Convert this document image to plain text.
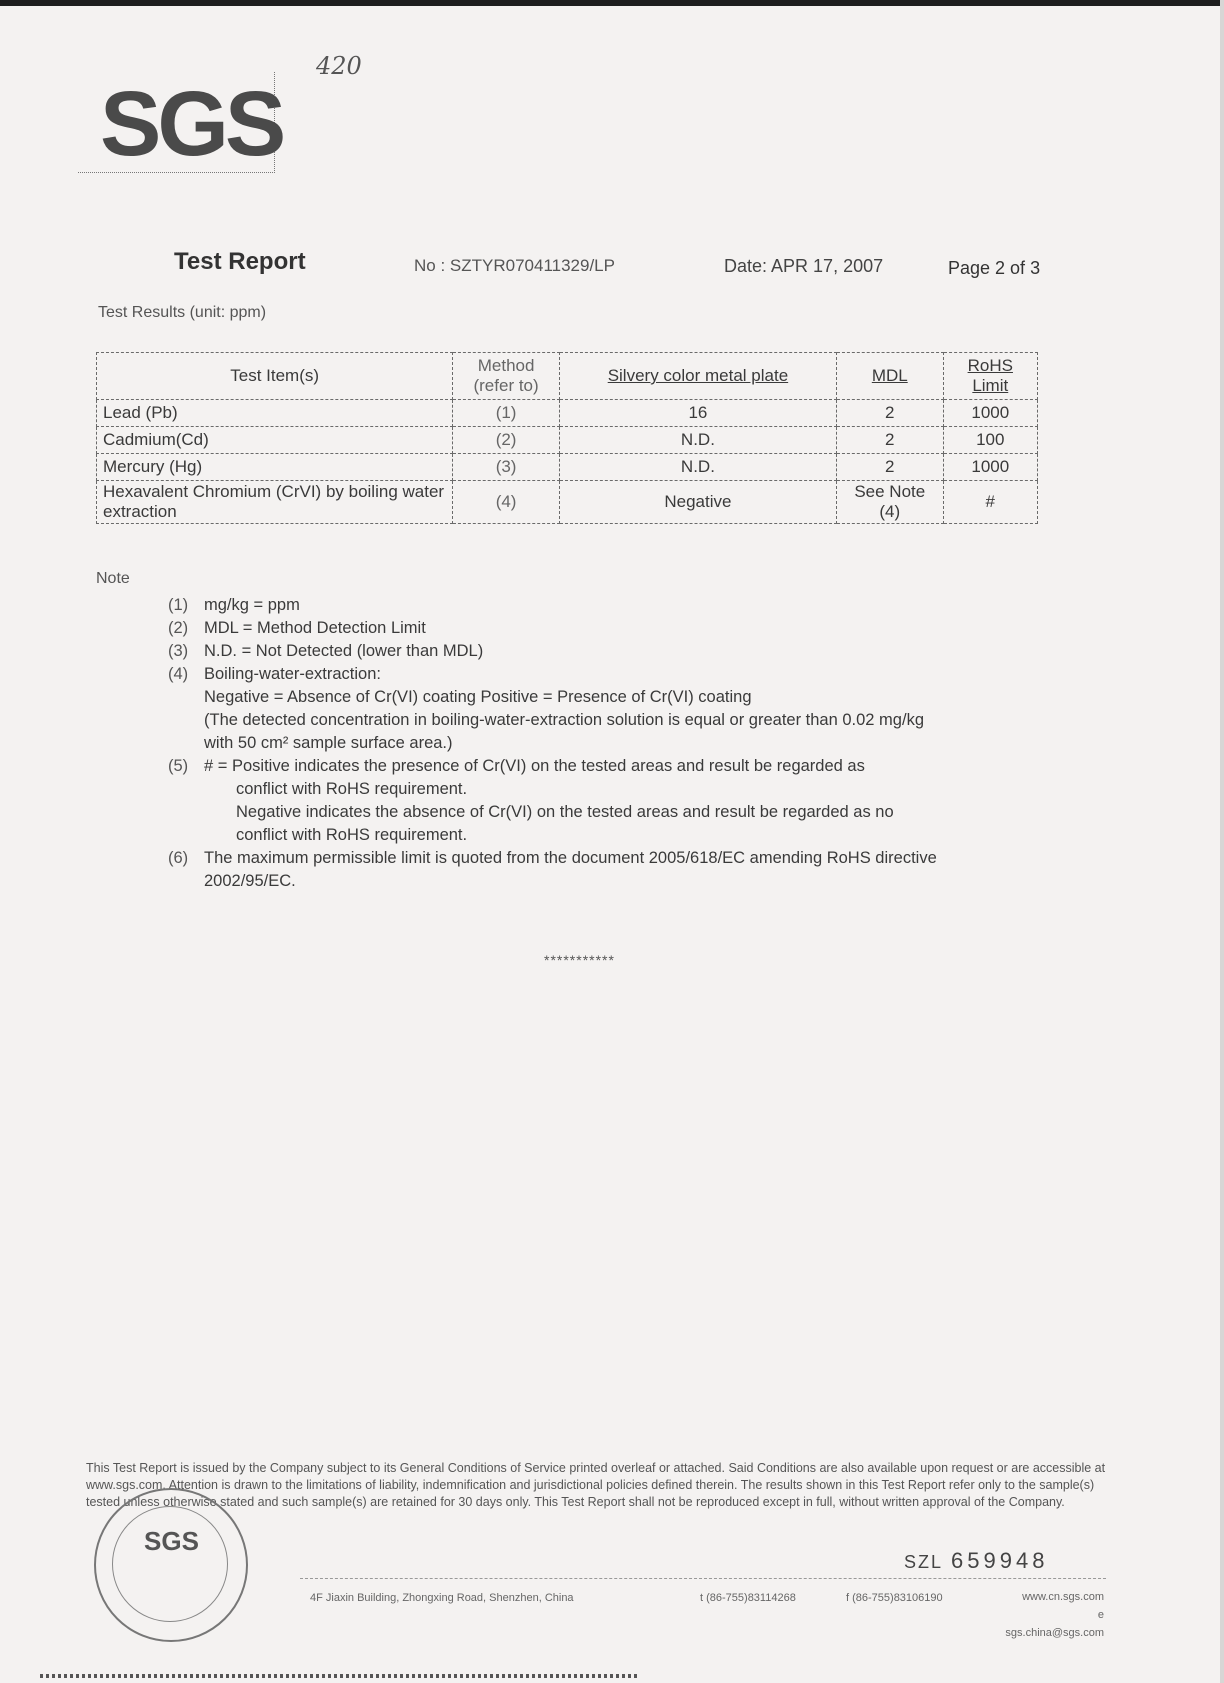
420
SGS
Test Report	No : SZTYR070411329/LP	Date: APR 17, 2007	Page 2 of 3
Test Results (unit: ppm)
Test Item(s)	Method (refer to)	Silvery color metal plate	MDL	RoHS Limit
Lead (Pb)	(1)	16	2	1000
Cadmium(Cd)	(2)	N.D.	2	100
Mercury (Hg)	(3)	N.D.	2	1000
Hexavalent Chromium (CrVI) by boiling water extraction	(4)	Negative	See Note (4)	#
Note
(1) mg/kg = ppm
(2) MDL = Method Detection Limit
(3) N.D. = Not Detected (lower than MDL)
(4) Boiling-water-extraction:
Negative = Absence of Cr(VI) coating Positive = Presence of Cr(VI) coating
(The detected concentration in boiling-water-extraction solution is equal or greater than 0.02 mg/kg
with 50 cm² sample surface area.)
(5) # = Positive indicates the presence of Cr(VI) on the tested areas and result be regarded as
conflict with RoHS requirement.
Negative indicates the absence of Cr(VI) on the tested areas and result be regarded as no
conflict with RoHS requirement.
(6) The maximum permissible limit is quoted from the document 2005/618/EC amending RoHS directive
2002/95/EC.
***********
This Test Report is issued by the Company subject to its General Conditions of Service printed overleaf or attached. Said Conditions are also available upon request or are accessible at www.sgs.com. Attention is drawn to the limitations of liability, indemnification and jurisdictional policies defined therein. The results shown in this Test Report refer only to the sample(s) tested unless otherwise stated and such sample(s) are retained for 30 days only. This Test Report shall not be reproduced except in full, without written approval of the Company.
SGS
SZL 659948
4F Jiaxin Building, Zhongxing Road, Shenzhen, China	t (86-755)83114268	f (86-755)83106190	www.cn.sgs.com
e sgs.china@sgs.com
